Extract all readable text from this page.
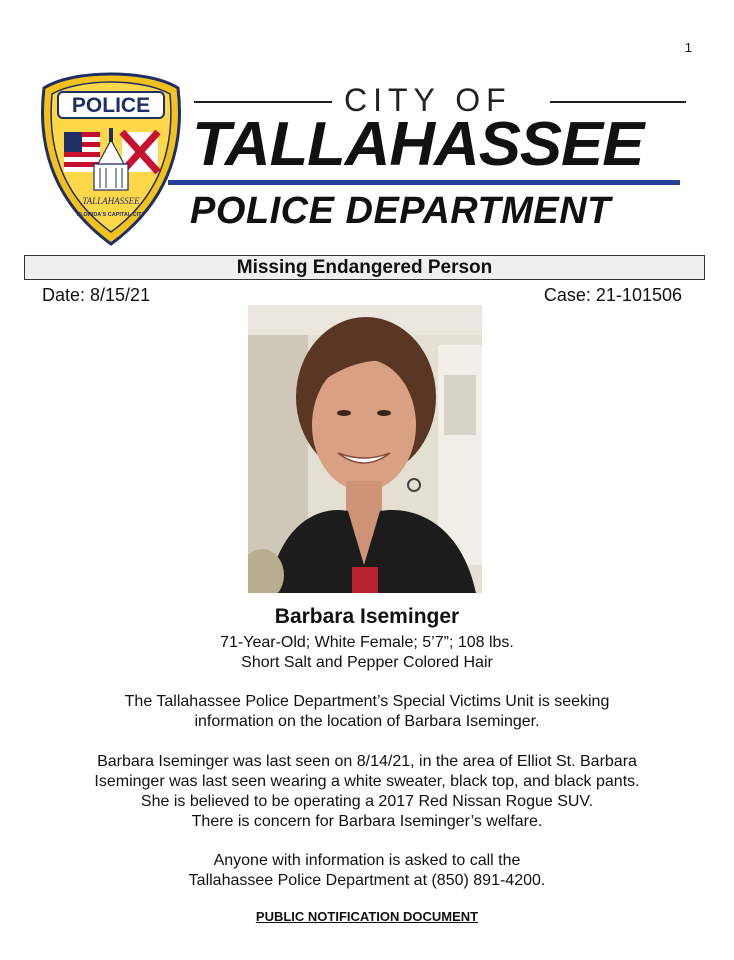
1
POLICE
TALLAHASSEE
FLORIDA'S CAPITAL CITY
CITY OF
TALLAHASSEE
POLICE DEPARTMENT
Missing Endangered Person
Date: 8/15/21	Case: 21-101506
Barbara Iseminger
71-Year-Old; White Female; 5’7”; 108 lbs.
Short Salt and Pepper Colored Hair
The Tallahassee Police Department’s Special Victims Unit is seeking
information on the location of Barbara Iseminger.
Barbara Iseminger was last seen on 8/14/21, in the area of Elliot St. Barbara
Iseminger was last seen wearing a white sweater, black top, and black pants.
She is believed to be operating a 2017 Red Nissan Rogue SUV.
There is concern for Barbara Iseminger’s welfare.
Anyone with information is asked to call the
Tallahassee Police Department at (850) 891-4200.
PUBLIC NOTIFICATION DOCUMENT
